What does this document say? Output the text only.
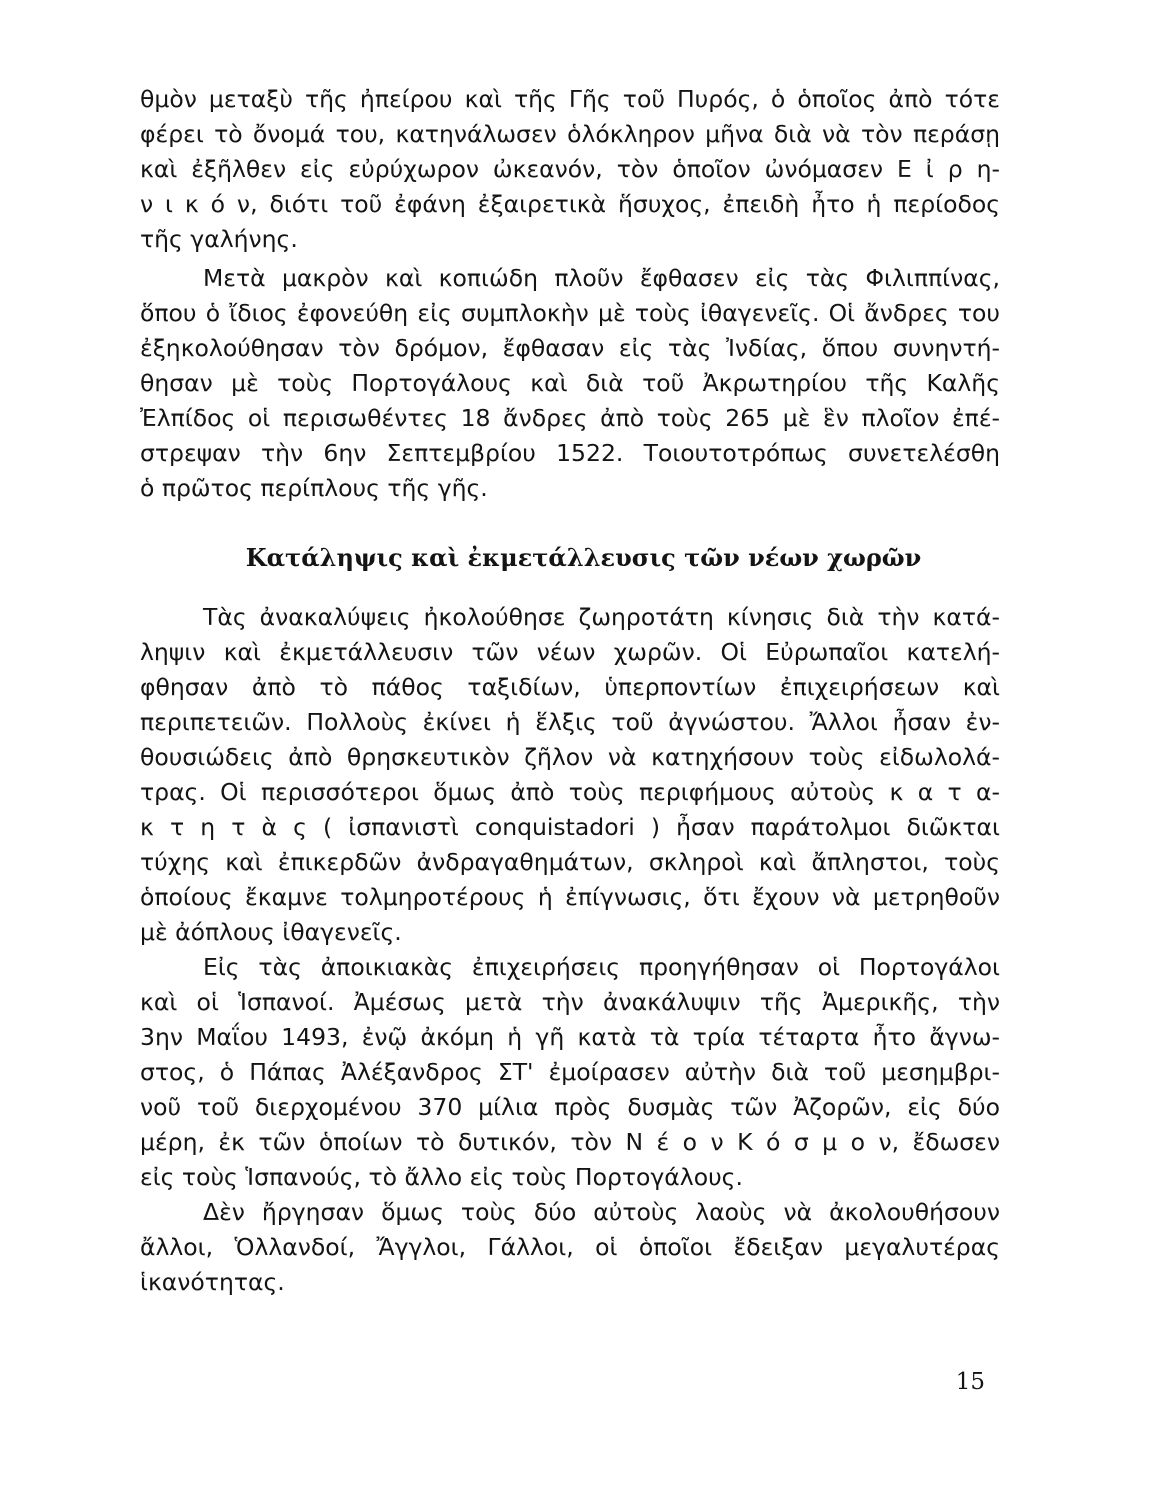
θμὸν μεταξὺ τῆς ἠπείρου καὶ τῆς Γῆς τοῦ Πυρός, ὁ ὁποῖος ἀπὸ τότε
φέρει τὸ ὄνομά του, κατηνάλωσεν ὁλόκληρον μῆνα διὰ νὰ τὸν περάσῃ
καὶ ἐξῆλθεν εἰς εὐρύχωρον ὠκεανόν, τὸν ὁποῖον ὠνόμασεν Ε ἰ ρ η-
ν ι κ ό ν, διότι τοῦ ἐφάνη ἐξαιρετικὰ ἥσυχος, ἐπειδὴ ἦτο ἡ περίοδος
τῆς γαλήνης.
Μετὰ μακρὸν καὶ κοπιώδη πλοῦν ἔφθασεν εἰς τὰς Φιλιππίνας,
ὅπου ὁ ἴδιος ἐφονεύθη εἰς συμπλοκὴν μὲ τοὺς ἰθαγενεῖς. Οἱ ἄνδρες του
ἐξηκολούθησαν τὸν δρόμον, ἔφθασαν εἰς τὰς Ἰνδίας, ὅπου συνηντή-
θησαν μὲ τοὺς Πορτογάλους καὶ διὰ τοῦ Ἀκρωτηρίου τῆς Καλῆς
Ἐλπίδος οἱ περισωθέντες 18 ἄνδρες ἀπὸ τοὺς 265 μὲ ἓν πλοῖον ἐπέ-
στρεψαν τὴν 6ην Σεπτεμβρίου 1522. Τοιουτοτρόπως συνετελέσθη
ὁ πρῶτος περίπλους τῆς γῆς.
Κατάληψις καὶ ἐκμετάλλευσις τῶν νέων χωρῶν
Τὰς ἀνακαλύψεις ἠκολούθησε ζωηροτάτη κίνησις διὰ τὴν κατά-
ληψιν καὶ ἐκμετάλλευσιν τῶν νέων χωρῶν. Οἱ Εὐρωπαῖοι κατελή-
φθησαν ἀπὸ τὸ πάθος ταξιδίων, ὑπερποντίων ἐπιχειρήσεων καὶ
περιπετειῶν. Πολλοὺς ἐκίνει ἡ ἕλξις τοῦ ἀγνώστου. Ἄλλοι ἦσαν ἐν-
θουσιώδεις ἀπὸ θρησκευτικὸν ζῆλον νὰ κατηχήσουν τοὺς εἰδωλολά-
τρας. Οἱ περισσότεροι ὅμως ἀπὸ τοὺς περιφήμους αὐτοὺς κ α τ α-
κ τ η τ ὰ ς ( ἰσπανιστὶ conquistadori ) ἦσαν παράτολμοι διῶκται
τύχης καὶ ἐπικερδῶν ἀνδραγαθημάτων, σκληροὶ καὶ ἄπληστοι, τοὺς
ὁποίους ἔκαμνε τολμηροτέρους ἡ ἐπίγνωσις, ὅτι ἔχουν νὰ μετρηθοῦν
μὲ ἀόπλους ἰθαγενεῖς.
Εἰς τὰς ἀποικιακὰς ἐπιχειρήσεις προηγήθησαν οἱ Πορτογάλοι
καὶ οἱ Ἱσπανοί. Ἀμέσως μετὰ τὴν ἀνακάλυψιν τῆς Ἀμερικῆς, τὴν
3ην Μαΐου 1493, ἐνῷ ἀκόμη ἡ γῆ κατὰ τὰ τρία τέταρτα ἦτο ἄγνω-
στος, ὁ Πάπας Ἀλέξανδρος ΣΤ' ἐμοίρασεν αὐτὴν διὰ τοῦ μεσημβρι-
νοῦ τοῦ διερχομένου 370 μίλια πρὸς δυσμὰς τῶν Ἀζορῶν, εἰς δύο
μέρη, ἐκ τῶν ὁποίων τὸ δυτικόν, τὸν Ν έ ο ν Κ ό σ μ ο ν, ἔδωσεν
εἰς τοὺς Ἱσπανούς, τὸ ἄλλο εἰς τοὺς Πορτογάλους.
Δὲν ἤργησαν ὅμως τοὺς δύο αὐτοὺς λαοὺς νὰ ἀκολουθήσουν
ἄλλοι, Ὁλλανδοί, Ἄγγλοι, Γάλλοι, οἱ ὁποῖοι ἔδειξαν μεγαλυτέρας
ἱκανότητας.
15
